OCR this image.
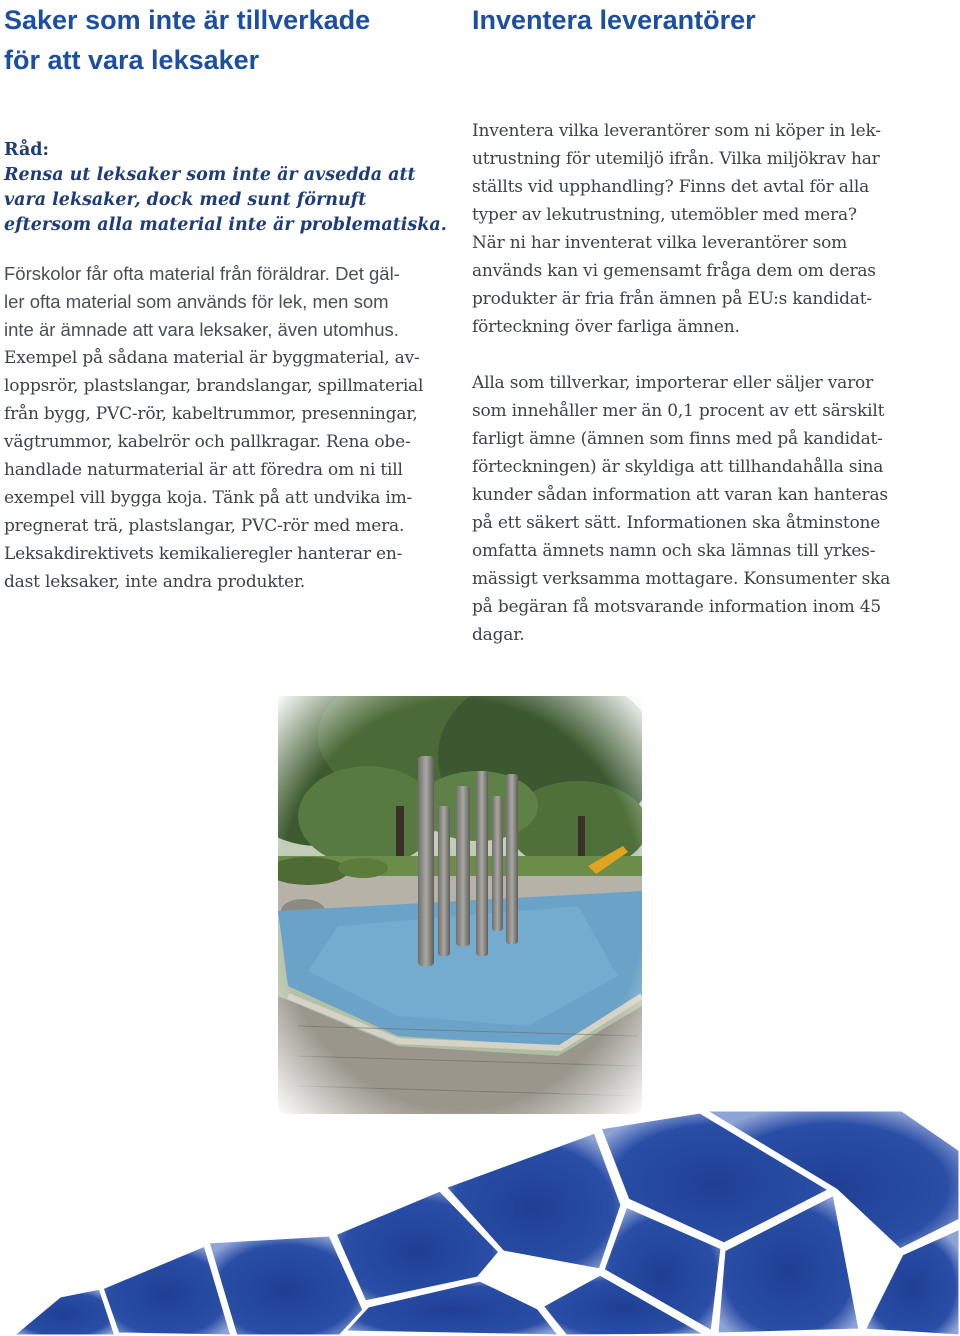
Saker som inte är tillverkade
för att vara leksaker
Råd:
Rensa ut leksaker som inte är avsedda att
vara leksaker, dock med sunt förnuft
eftersom alla material inte är problematiska.
Förskolor får ofta material från föräldrar. Det gäl-
ler ofta material som används för lek, men som
inte är ämnade att vara leksaker, även utomhus.
Exempel på sådana material är byggmaterial, av-
loppsrör, plastslangar, brandslangar, spillmaterial
från bygg, PVC-rör, kabeltrummor, presenningar,
vägtrummor, kabelrör och pallkragar. Rena obe-
handlade naturmaterial är att föredra om ni till
exempel vill bygga koja. Tänk på att undvika im-
pregnerat trä, plastslangar, PVC-rör med mera.
Leksakdirektivets kemikalieregler hanterar en-
dast leksaker, inte andra produkter.
Inventera leverantörer
Inventera vilka leverantörer som ni köper in lek-
utrustning för utemiljö ifrån. Vilka miljökrav har
ställts vid upphandling? Finns det avtal för alla
typer av lekutrustning, utemöbler med mera?
När ni har inventerat vilka leverantörer som
används kan vi gemensamt fråga dem om deras
produkter är fria från ämnen på EU:s kandidat-
förteckning över farliga ämnen.
Alla som tillverkar, importerar eller säljer varor
som innehåller mer än 0,1 procent av ett särskilt
farligt ämne (ämnen som finns med på kandidat-
förteckningen) är skyldiga att tillhandahålla sina
kunder sådan information att varan kan hanteras
på ett säkert sätt. Informationen ska åtminstone
omfatta ämnets namn och ska lämnas till yrkes-
mässigt verksamma mottagare. Konsumenter ska
på begäran få motsvarande information inom 45
dagar.
